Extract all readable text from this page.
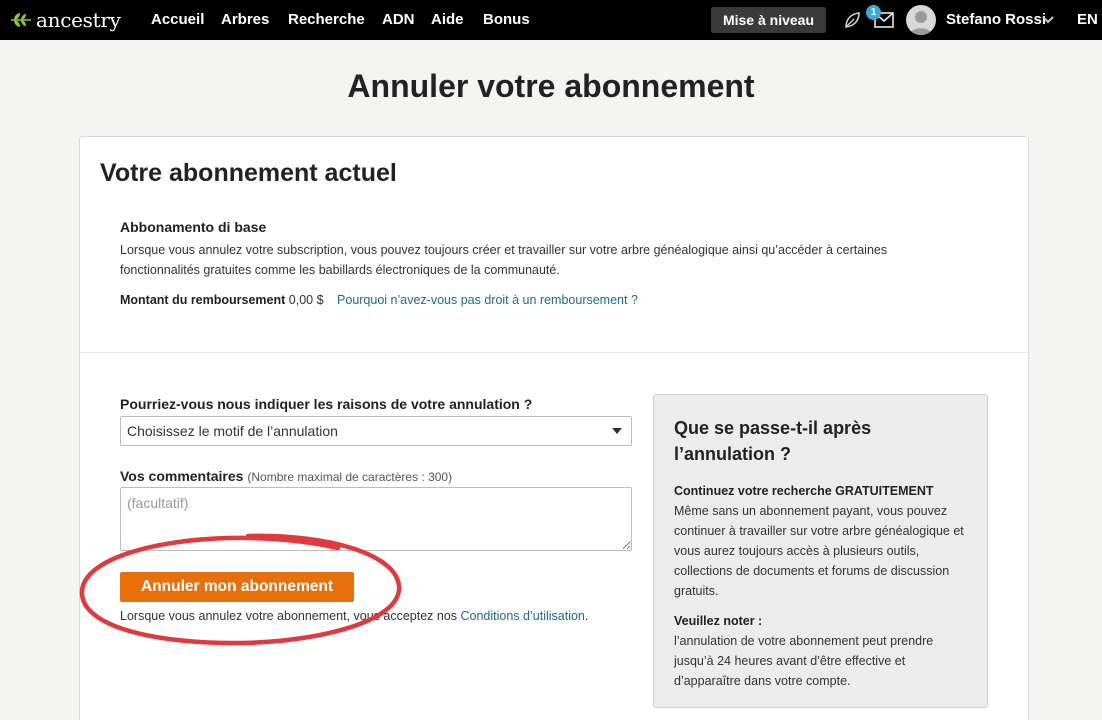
ancestry Accueil Arbres Recherche ADN Aide Bonus	Mise à niveau	1	Stefano Rossi EN
Annuler votre abonnement
Votre abonnement actuel
Abbonamento di base

Lorsque vous annulez votre subscription, vous pouvez toujours créer et travailler sur votre arbre généalogique ainsi qu’accéder à certaines fonctionnalités gratuites comme les babillards électroniques de la communauté.

Montant du remboursement 0,00 $ Pourquoi n’avez-vous pas droit à un remboursement ?
Pourriez-vous nous indiquer les raisons de votre annulation ?
Choisissez le motif de l’annulation
Vos commentaires (Nombre maximal de caractères : 300)
(facultatif)
Annuler mon abonnement
Lorsque vous annulez votre abonnement, vous acceptez nos Conditions d’utilisation.
Que se passe-t-il après l’annulation ?
Continuez votre recherche GRATUITEMENT
Même sans un abonnement payant, vous pouvez continuer à travailler sur votre arbre généalogique et vous aurez toujours accès à plusieurs outils, collections de documents et forums de discussion gratuits.
Veuillez noter :
l’annulation de votre abonnement peut prendre jusqu’à 24 heures avant d’être effective et d’apparaître dans votre compte.
